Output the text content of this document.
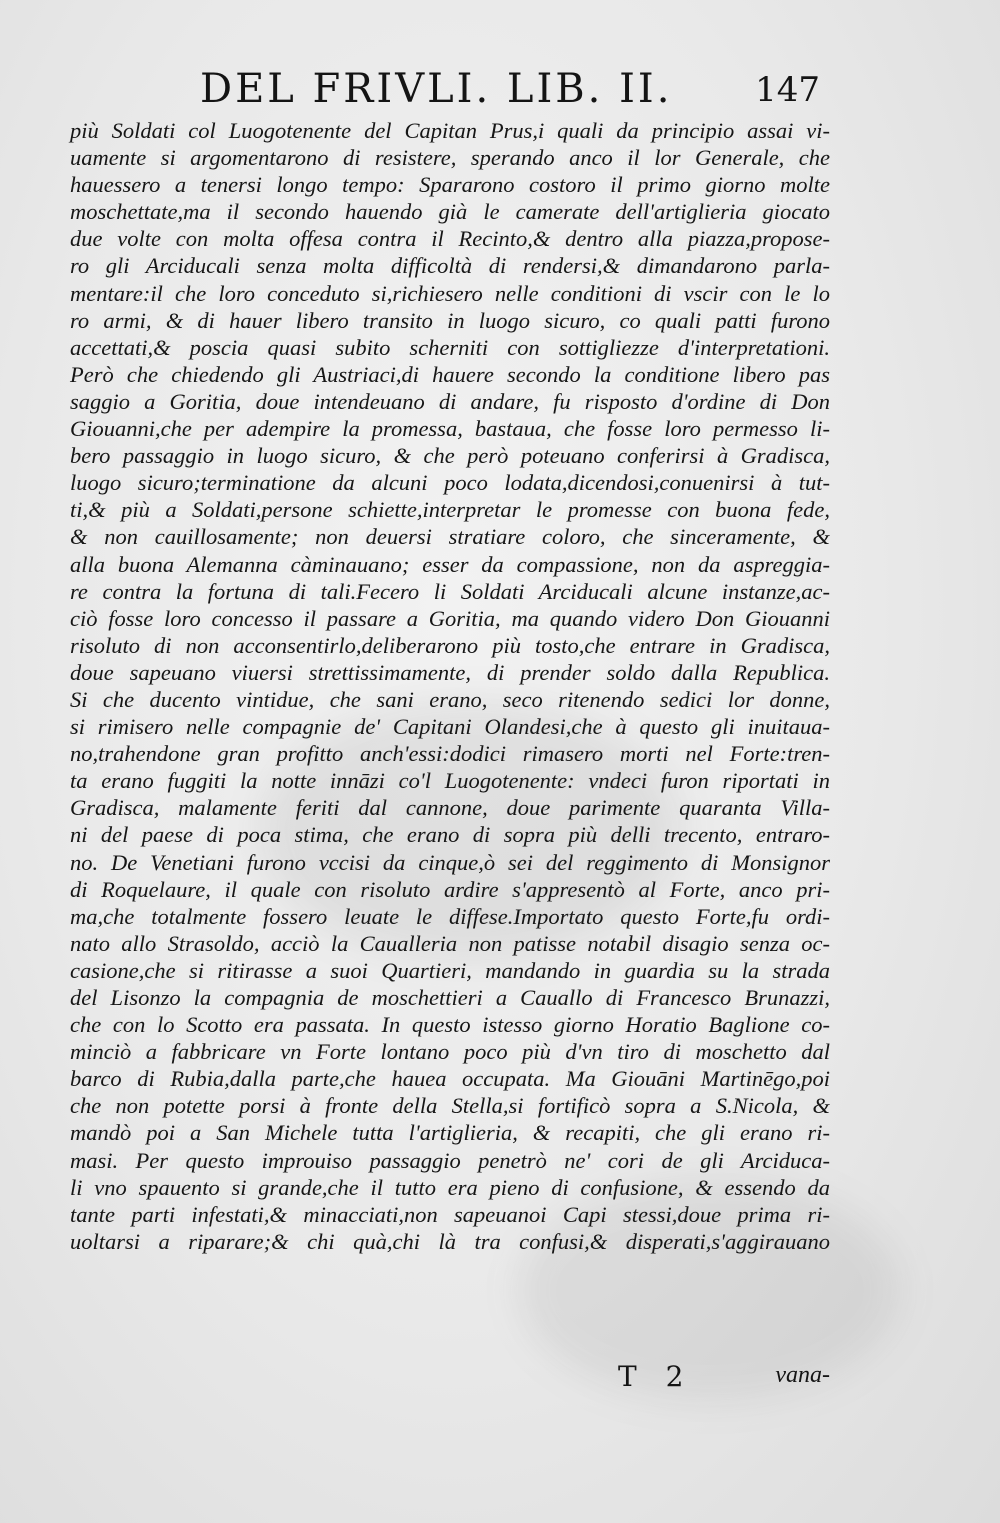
DEL FRIVLI. LIB. II. 147
più Soldati col Luogotenente del Capitan Prus,i quali da principio assai vi-
uamente si argomentarono di resistere, sperando anco il lor Generale, che
hauessero a tenersi longo tempo: Spararono costoro il primo giorno molte
moschettate,ma il secondo hauendo già le camerate dell'artiglieria giocato
due volte con molta offesa contra il Recinto,& dentro alla piazza,propose-
ro gli Arciducali senza molta difficoltà di rendersi,& dimandarono parla-
mentare:il che loro conceduto si,richiesero nelle conditioni di vscir con le lo
ro armi, & di hauer libero transito in luogo sicuro, co quali patti furono
accettati,& poscia quasi subito scherniti con sottigliezze d'interpretationi.
Però che chiedendo gli Austriaci,di hauere secondo la conditione libero pas
saggio a Goritia, doue intendeuano di andare, fu risposto d'ordine di Don
Giouanni,che per adempire la promessa, bastaua, che fosse loro permesso li-
bero passaggio in luogo sicuro, & che però poteuano conferirsi à Gradisca,
luogo sicuro;terminatione da alcuni poco lodata,dicendosi,conuenirsi à tut-
ti,& più a Soldati,persone schiette,interpretar le promesse con buona fede,
& non cauillosamente; non deuersi stratiare coloro, che sinceramente, &
alla buona Alemanna càminauano; esser da compassione, non da aspreggia-
re contra la fortuna di tali.Fecero li Soldati Arciducali alcune instanze,ac-
ciò fosse loro concesso il passare a Goritia, ma quando videro Don Giouanni
risoluto di non acconsentirlo,deliberarono più tosto,che entrare in Gradisca,
doue sapeuano viuersi strettissimamente, di prender soldo dalla Republica.
Si che ducento vintidue, che sani erano, seco ritenendo sedici lor donne,
si rimisero nelle compagnie de' Capitani Olandesi,che à questo gli inuitaua-
no,trahendone gran profitto anch'essi:dodici rimasero morti nel Forte:tren-
ta erano fuggiti la notte innāzi co'l Luogotenente: vndeci furon riportati in
Gradisca, malamente feriti dal cannone, doue parimente quaranta Villa-
ni del paese di poca stima, che erano di sopra più delli trecento, entraro-
no. De Venetiani furono vccisi da cinque,ò sei del reggimento di Monsignor
di Roquelaure, il quale con risoluto ardire s'appresentò al Forte, anco pri-
ma,che totalmente fossero leuate le diffese.Importato questo Forte,fu ordi-
nato allo Strasoldo, acciò la Caualleria non patisse notabil disagio senza oc-
casione,che si ritirasse a suoi Quartieri, mandando in guardia su la strada
del Lisonzo la compagnia de moschettieri a Cauallo di Francesco Brunazzi,
che con lo Scotto era passata. In questo istesso giorno Horatio Baglione co-
minciò a fabbricare vn Forte lontano poco più d'vn tiro di moschetto dal
barco di Rubia,dalla parte,che hauea occupata. Ma Giouāni Martinēgo,poi
che non potette porsi à fronte della Stella,si fortificò sopra a S.Nicola, &
mandò poi a San Michele tutta l'artiglieria, & recapiti, che gli erano ri-
masi. Per questo improuiso passaggio penetrò ne' cori de gli Arciduca-
li vno spauento si grande,che il tutto era pieno di confusione, & essendo da
tante parti infestati,& minacciati,non sapeuanoi Capi stessi,doue prima ri-
uoltarsi a riparare;& chi quà,chi là tra confusi,& disperati,s'aggirauano
T 2	vana-
